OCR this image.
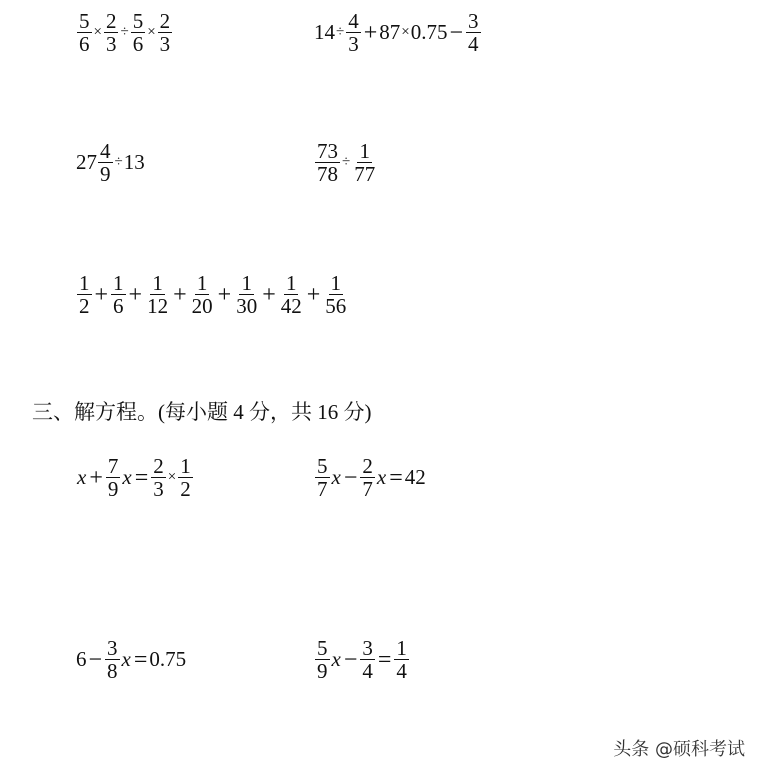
$\frac{5}{6} \times \frac{2}{3} \div \frac{5}{6} \times \frac{2}{3}$	$14 \div \frac{4}{3} + 87 \times 0.75 - \frac{3}{4}$
$27 \frac{4}{9} \div 13$	$\frac{73}{78} \div \frac{1}{77}$
$\frac{1}{2} + \frac{1}{6} + \frac{1}{12} + \frac{1}{20} + \frac{1}{30} + \frac{1}{42} + \frac{1}{56}$
三、解方程。(每小题 4 分，共 16 分)
$x + \frac{7}{9}$ $x = \frac{2}{3} \times \frac{1}{2}$	$\frac{5}{7}$ $x - \frac{2}{7}$ x = 42
$6 - \frac{3}{8}$ x = 0.75	$\frac{5}{9}$ $x - \frac{3}{4} = \frac{1}{4}$
头条 @硕科考试
